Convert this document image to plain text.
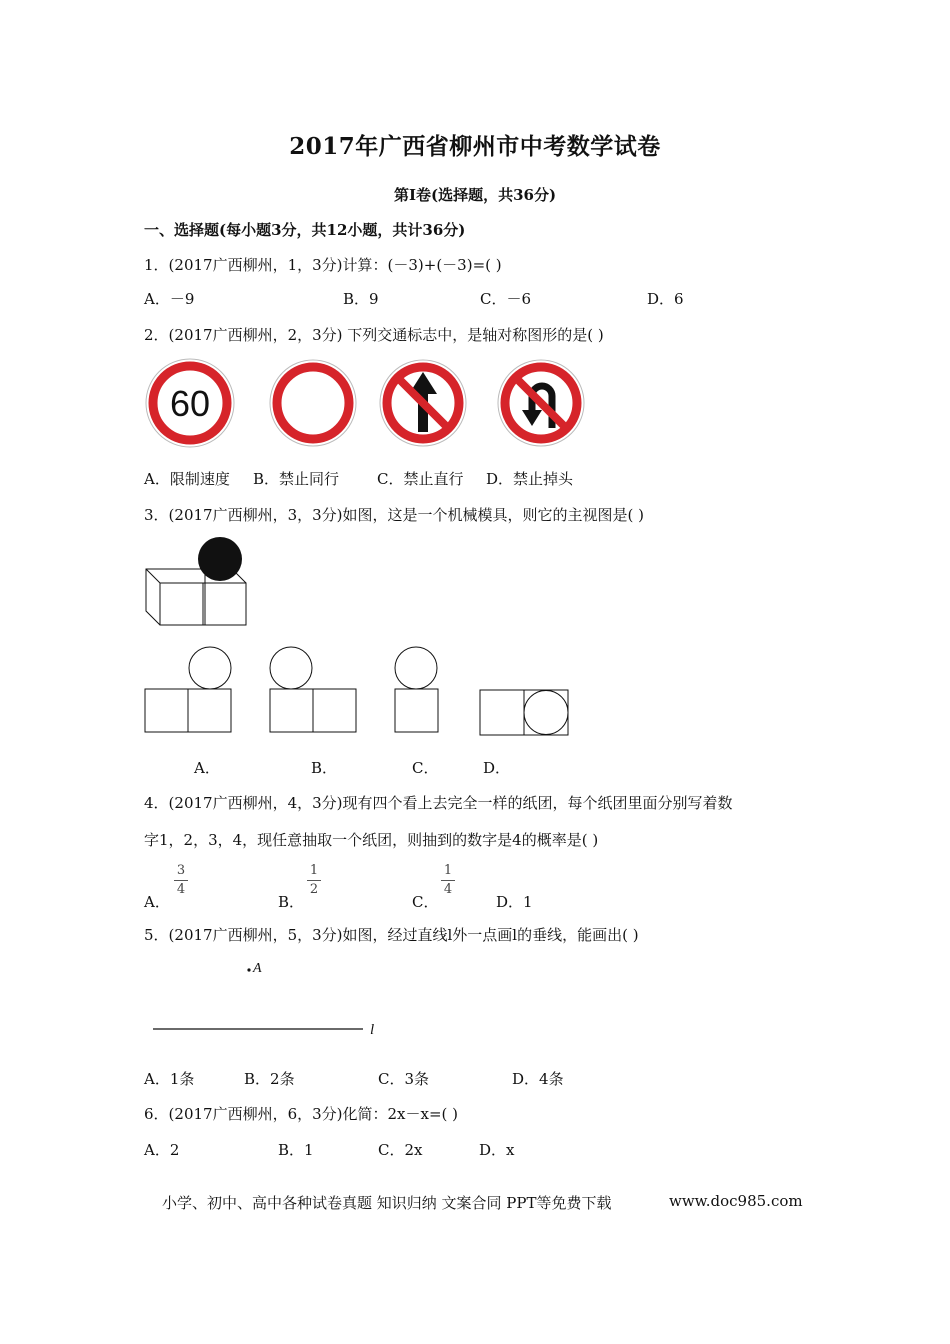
2017年广西省柳州市中考数学试卷
第I卷(选择题，共36分)
一、选择题(每小题3分，共12小题，共计36分)
1．(2017广西柳州，1，3分)计算：(－3)+(－3)=( )
A．－9	B．9	C．－6	D．6
2．(2017广西柳州，2，3分) 下列交通标志中，是轴对称图形的是( )
60
A．限制速度 B．禁止同行	C．禁止直行 D．禁止掉头
3．(2017广西柳州，3，3分)如图，这是一个机械模具，则它的主视图是( )
A．	B．	C．	D．
4．(2017广西柳州，4，3分)现有四个看上去完全一样的纸团，每个纸团里面分别写着数
字1，2，3，4，现任意抽取一个纸团，则抽到的数字是4的概率是( )
A．
3
4
B．
1
2
C．
1
4
D．1
5．(2017广西柳州，5，3分)如图，经过直线l外一点画l的垂线，能画出( )
A
l
A．1条	B．2条	C．3条	D．4条
6．(2017广西柳州，6，3分)化简：2x－x=( )
A．2	B．1	C．2x	D．x
小学、初中、高中各种试卷真题 知识归纳 文案合同 PPT等免费下载	www.doc985.com
